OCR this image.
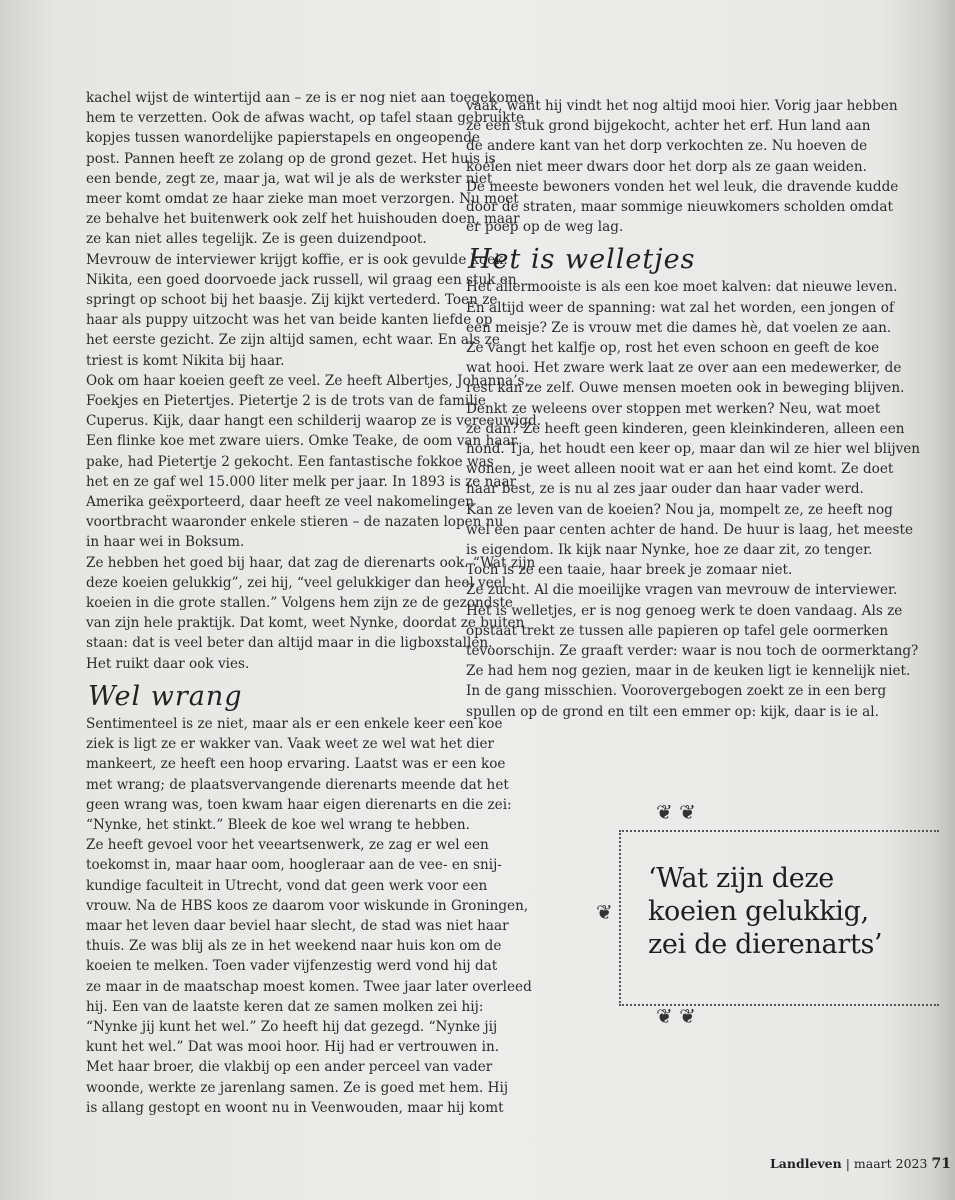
kachel wijst de wintertijd aan – ze is er nog niet aan toegekomen

hem te verzetten. Ook de afwas wacht, op tafel staan gebruikte

kopjes tussen wanordelijke papierstapels en ongeopende

post. Pannen heeft ze zolang op de grond gezet. Het huis is

een bende, zegt ze, maar ja, wat wil je als de werkster niet

meer komt omdat ze haar zieke man moet verzorgen. Nu moet

ze behalve het buitenwerk ook zelf het huishouden doen, maar

ze kan niet alles tegelijk. Ze is geen duizendpoot.

Mevrouw de interviewer krijgt koffie, er is ook gevulde koek.

Nikita, een goed doorvoede jack russell, wil graag een stuk en

springt op schoot bij het baasje. Zij kijkt vertederd. Toen ze

haar als puppy uitzocht was het van beide kanten liefde op

het eerste gezicht. Ze zijn altijd samen, echt waar. En als ze

triest is komt Nikita bij haar.

Ook om haar koeien geeft ze veel. Ze heeft Albertjes, Johanna’s,

Foekjes en Pietertjes. Pietertje 2 is de trots van de familie

Cuperus. Kijk, daar hangt een schilderij waarop ze is vereeuwigd.

Een flinke koe met zware uiers. Omke Teake, de oom van haar

pake, had Pietertje 2 gekocht. Een fantastische fokkoe was

het en ze gaf wel 15.000 liter melk per jaar. In 1893 is ze naar

Amerika geëxporteerd, daar heeft ze veel nakomelingen

voortbracht waaronder enkele stieren – de nazaten lopen nu

in haar wei in Boksum.

Ze hebben het goed bij haar, dat zag de dierenarts ook. “Wat zijn

deze koeien gelukkig”, zei hij, “veel gelukkiger dan heel veel

koeien in die grote stallen.” Volgens hem zijn ze de gezondste

van zijn hele praktijk. Dat komt, weet Nynke, doordat ze buiten

staan: dat is veel beter dan altijd maar in die ligboxstallen.

Het ruikt daar ook vies.

Wel wrang

Sentimenteel is ze niet, maar als er een enkele keer een koe

ziek is ligt ze er wakker van. Vaak weet ze wel wat het dier

mankeert, ze heeft een hoop ervaring. Laatst was er een koe

met wrang; de plaatsvervangende dierenarts meende dat het

geen wrang was, toen kwam haar eigen dierenarts en die zei:

“Nynke, het stinkt.” Bleek de koe wel wrang te hebben.

Ze heeft gevoel voor het veeartsenwerk, ze zag er wel een

toekomst in, maar haar oom, hoogleraar aan de vee- en snij-

kundige faculteit in Utrecht, vond dat geen werk voor een

vrouw. Na de HBS koos ze daarom voor wiskunde in Groningen,

maar het leven daar beviel haar slecht, de stad was niet haar

thuis. Ze was blij als ze in het weekend naar huis kon om de

koeien te melken. Toen vader vijfenzestig werd vond hij dat

ze maar in de maatschap moest komen. Twee jaar later overleed

hij. Een van de laatste keren dat ze samen molken zei hij:

“Nynke jij kunt het wel.” Zo heeft hij dat gezegd. “Nynke jij

kunt het wel.” Dat was mooi hoor. Hij had er vertrouwen in.

Met haar broer, die vlakbij op een ander perceel van vader

woonde, werkte ze jarenlang samen. Ze is goed met hem. Hij

is allang gestopt en woont nu in Veenwouden, maar hij komt

vaak, want hij vindt het nog altijd mooi hier. Vorig jaar hebben

ze een stuk grond bijgekocht, achter het erf. Hun land aan

de andere kant van het dorp verkochten ze. Nu hoeven de

koeien niet meer dwars door het dorp als ze gaan weiden.

De meeste bewoners vonden het wel leuk, die dravende kudde

door de straten, maar sommige nieuwkomers scholden omdat

er poep op de weg lag.

Het is welletjes

Het allermooiste is als een koe moet kalven: dat nieuwe leven.

En altijd weer de spanning: wat zal het worden, een jongen of

een meisje? Ze is vrouw met die dames hè, dat voelen ze aan.

Ze vangt het kalfje op, rost het even schoon en geeft de koe

wat hooi. Het zware werk laat ze over aan een medewerker, de

rest kan ze zelf. Ouwe mensen moeten ook in beweging blijven.

Denkt ze weleens over stoppen met werken? Neu, wat moet

ze dan? Ze heeft geen kinderen, geen kleinkinderen, alleen een

hond. Tja, het houdt een keer op, maar dan wil ze hier wel blijven

wonen, je weet alleen nooit wat er aan het eind komt. Ze doet

haar best, ze is nu al zes jaar ouder dan haar vader werd.

Kan ze leven van de koeien? Nou ja, mompelt ze, ze heeft nog

wel een paar centen achter de hand. De huur is laag, het meeste

is eigendom. Ik kijk naar Nynke, hoe ze daar zit, zo tenger.

Toch is ze een taaie, haar breek je zomaar niet.

Ze zucht. Al die moeilijke vragen van mevrouw de interviewer.

Het is welletjes, er is nog genoeg werk te doen vandaag. Als ze

opstaat trekt ze tussen alle papieren op tafel gele oormerken

tevoorschijn. Ze graaft verder: waar is nou toch de oormerktang?

Ze had hem nog gezien, maar in de keuken ligt ie kennelijk niet.

In de gang misschien. Voorovergebogen zoekt ze in een berg

spullen op de grond en tilt een emmer op: kijk, daar is ie al.

❦ ❦
❦
❦ ❦
‘Wat zijn deze
koeien gelukkig,
zei de dierenarts’
Landleven | maart 2023 71
